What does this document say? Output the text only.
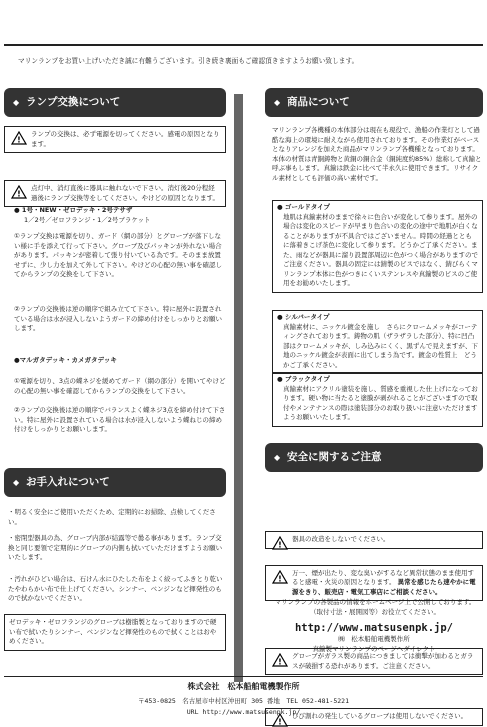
マリンランプをお買い上げいただき誠に有難うございます。引き続き裏面もご確認頂きますようお願い致します。
◆ ランプ交換について
!
ランプの交換は、必ず電源を切ってください。感電の原因となります。
!
点灯中、消灯直後に器具に触れないで下さい。消灯後20分程経過後にランプ交換等をしてください。やけどの原因となります。
● 1号・NEW・ゼロデッキ・2号テサザ
1／2号／ゼロフランジ・1／2号ブラケット
①ランプ交換は電源を切り、ガード（網の部分）とグローブが落下しない様に手を添えて行って下さい。グローブ及びパッキンが外れない場合があります。パッキンが密着して張り付いている為です。そのまま放置せずに、少し力を加えて外して下さい。やけどの心配の無い事を確認してからランプの交換をして下さい。
②ランプの交換後は逆の順序で組み立てて下さい。特に屋外に設置されている場合は水が浸入しないようガードの締め付けをしっかりとお願いします。
●マルガタデッキ・カメガタデッキ
①電源を切り、3点の蝶ネジを緩めてガード（網の部分）を開いてやけどの心配の無い事を確認してからランプの交換をして下さい。
②ランプの交換後は逆の順序でバランスよく蝶ネジ3点を締め付けて下さい。特に屋外に設置されている場合は水が浸入しないよう蝶ねじの締め付けをしっかりとお願いします。
◆ お手入れについて
・明るく安全にご使用いただくため、定期的にお掃除、点検してください。
・密閉型器具の為、グローブ内部が結露等で曇る事があります。ランプ交換と同じ要領で定期的にグローブの内側も拭いていただけますようお願いいたします。
・汚れがひどい場合は、石けん水にひたした布をよく絞ってふきとり乾いたやわらかい布で仕上げてください。シンナー、ベンジンなど揮発性のもので拭かないでください。
ゼロデッキ・ゼロフランジのグローブは樹脂製となっておりますので硬い布で拭いたりシンナー、ベンジンなど揮発性のもので拭くことはおやめください。
◆ 商品について
マリンランプ各機種の本体部分は現在も現役で、漁船の作業灯として過酷な海上の環境に耐えながら使用されております。その作業灯がベースとなりアレンジを加えた商品がマリンランプ各機種となっております。本体の材質は青銅鋳物と黄銅の銅合金（銅純度約85%）総称して真鍮と呼ぶ事もします。真鍮は鉄金に比べて半永久に使用できます。リサイクル素材としても評価の高い素材です。
● ゴールドタイプ
地肌は真鍮素材のままで徐々に色合いが変化して参ります。屋外の場合は変化のスピードが早まり色合いの変化の途中で地肌が白くなることがありますが不具合ではございません。時間の経過とともに落着きこげ茶色に変化して参ります。どうかご了承ください。また、雨などが器具に溜り設置部周辺に色がつく場合がありますのでご注意ください。器具の固定には錆製のビスではなく、錆びらくマリンランプ本体に色がつきにくいステンレスや真鍮製のビスのご使用をお勧めいたします。
● シルバータイプ
真鍮素材に、ニッケル鍍金を施し　さらにクロームメッキがコーティングされております。鋳物の肌（ザラザラした部分）、特に凹凸部はクロームメッキが、しみ込みにくく、黒ずんで見えますが、下地のニッケル鍍金が表面に出てしまう為です。鍍金の性質上　どうかご了承ください。
● ブラックタイプ
真鍮素材にアクリル塗装を施し、質感を重視した仕上げになっております。硬い物に当たると塗膜が剥がれることがございますので取付やメンテナンスの際は塗装部分のお取り扱いに注意いただけますようお願いいたします。
◆ 安全に関するご注意
!
器具の改造をしないでください。
!
万一、煙が出たり、変な臭いがするなど異常状態のまま使用すると感電・火災の原因となります。 異常を感じたら速やかに電源をきり、販売店・電気工事店にご相談ください。
!
グローブがガラス製の商品につきましては衝撃が加わるとガラスが破損する恐れがあります。ご注意ください。
!
ひび割れの発生しているグローブは使用しないでください。
マリンランプの各製品の情報をホームページ上で公開しております。（取付寸法・展開図等）お役立てください。
http://www.matsusenpk.jp/
㈱　松本船舶電機製作所
真鍮製マリンランプのページへダイレクト
株式会社　松本船舶電機製作所
〒453-0825　名古屋市中村区沖田町 305 番地　TEL 052-481-5221
URL http://www.matsusenpk.jp/
